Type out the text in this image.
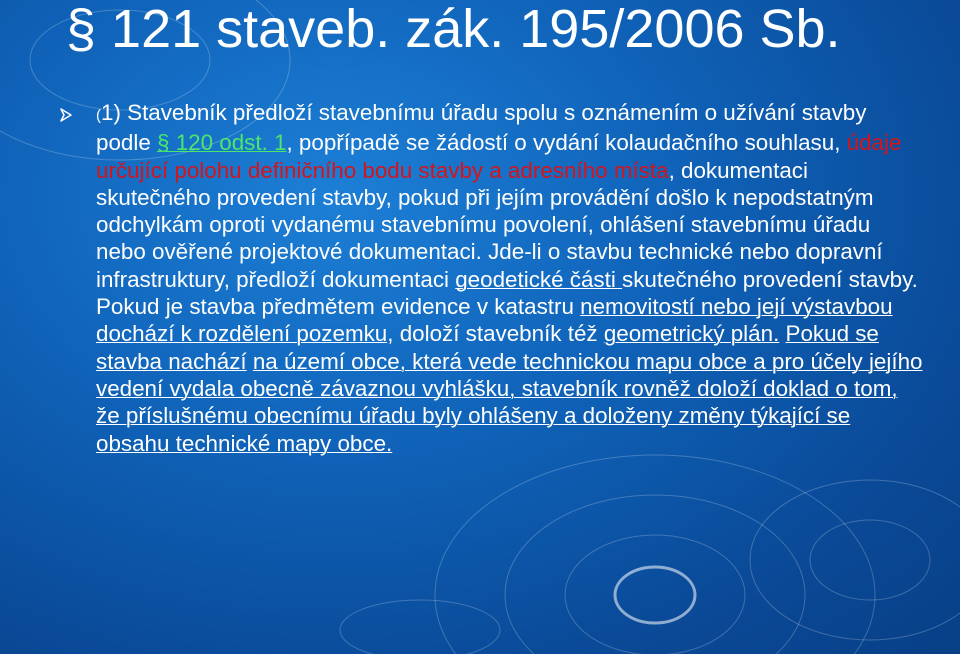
§ 121 staveb. zák. 195/2006 Sb.
(1) Stavebník předloží stavebnímu úřadu spolu s oznámením o užívání stavby podle § 120 odst. 1, popřípadě se žádostí o vydání kolaudačního souhlasu, údaje určující polohu definičního bodu stavby a adresního místa, dokumentaci skutečného provedení stavby, pokud při jejím provádění došlo k nepodstatným odchylkám oproti vydanému stavebnímu povolení, ohlášení stavebnímu úřadu nebo ověřené projektové dokumentaci. Jde-li o stavbu technické nebo dopravní infrastruktury, předloží dokumentaci geodetické části skutečného provedení stavby. Pokud je stavba předmětem evidence v katastru nemovitostí nebo její výstavbou dochází k rozdělení pozemku, doloží stavebník též geometrický plán. Pokud se stavba nachází na území obce, která vede technickou mapu obce a pro účely jejího vedení vydala obecně závaznou vyhlášku, stavebník rovněž doloží doklad o tom, že příslušnému obecnímu úřadu byly ohlášeny a doloženy změny týkající se obsahu technické mapy obce.
